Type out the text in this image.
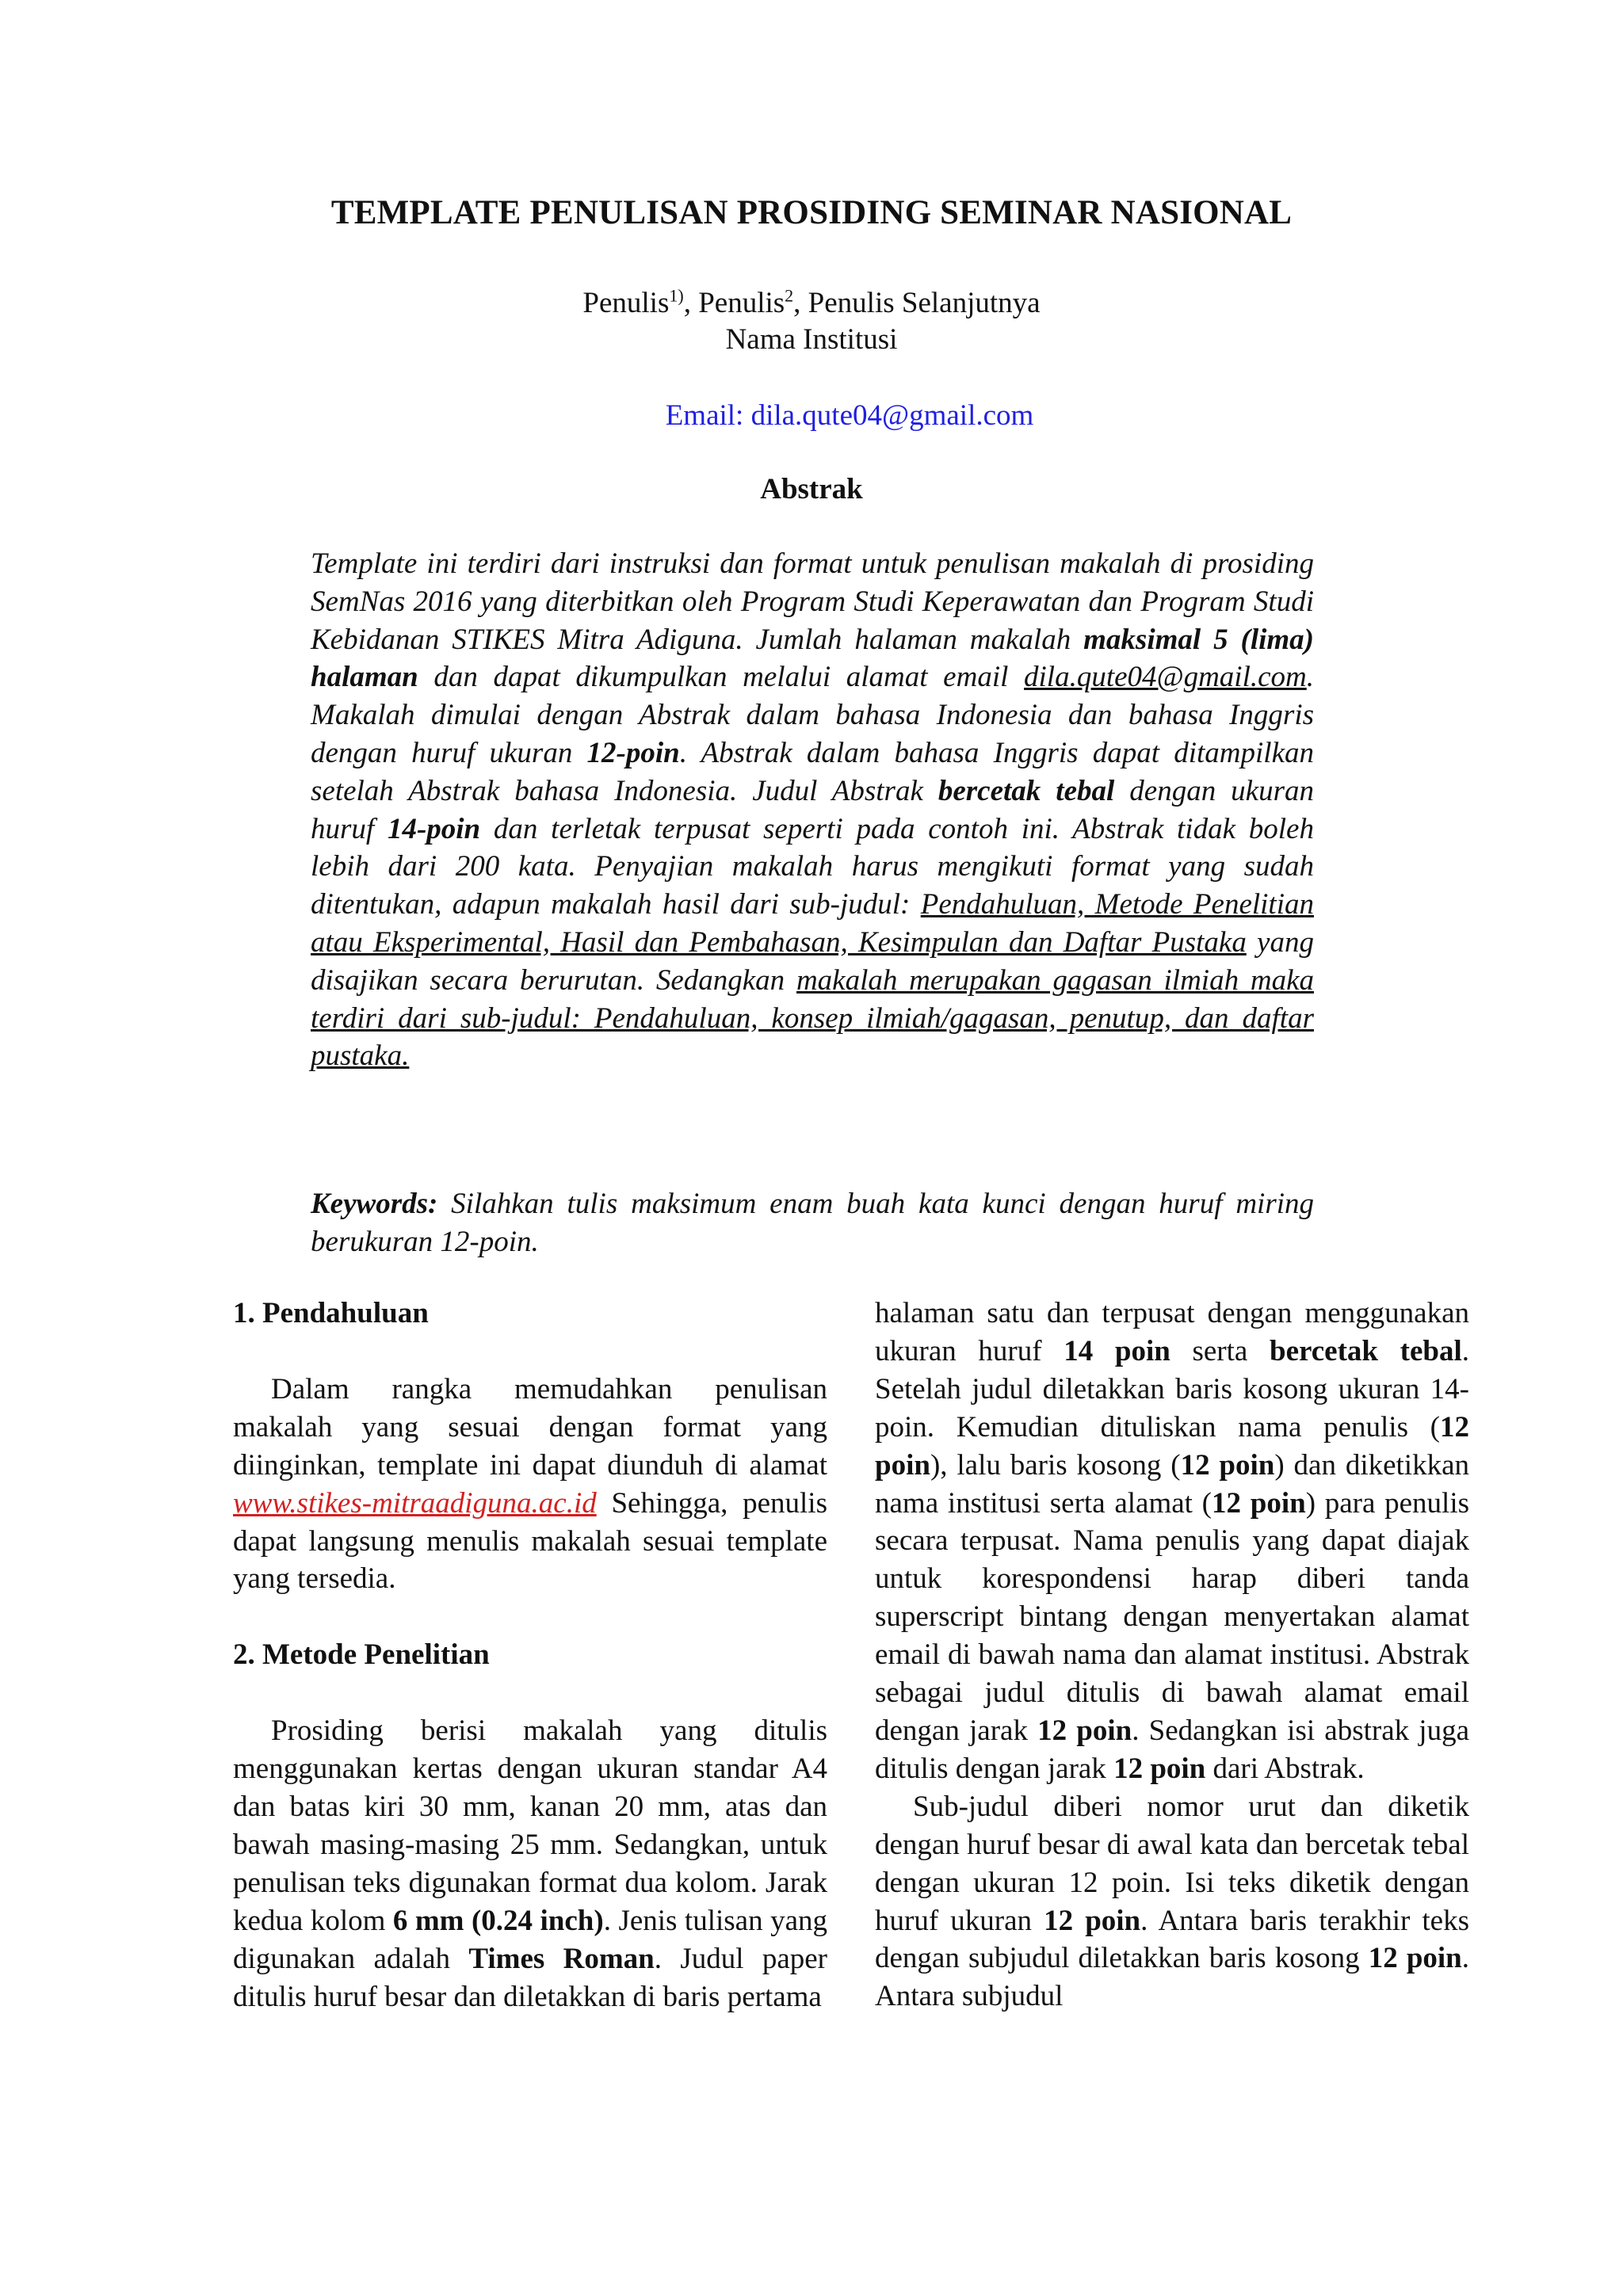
TEMPLATE PENULISAN PROSIDING SEMINAR NASIONAL
Penulis$^{1)}$, Penulis$^2$, Penulis Selanjutnya
Nama Institusi
Email: dila.qute04@gmail.com
Abstrak
Template ini terdiri dari instruksi dan format untuk penulisan makalah di prosiding SemNas 2016 yang diterbitkan oleh Program Studi Keperawatan dan Program Studi Kebidanan STIKES Mitra Adiguna. Jumlah halaman makalah maksimal 5 (lima) halaman dan dapat dikumpulkan melalui alamat email dila.qute04@gmail.com. Makalah dimulai dengan Abstrak dalam bahasa Indonesia dan bahasa Inggris dengan huruf ukuran 12-poin. Abstrak dalam bahasa Inggris dapat ditampilkan setelah Abstrak bahasa Indonesia. Judul Abstrak bercetak tebal dengan ukuran huruf 14-poin dan terletak terpusat seperti pada contoh ini. Abstrak tidak boleh lebih dari 200 kata. Penyajian makalah harus mengikuti format yang sudah ditentukan, adapun makalah hasil dari sub-judul: Pendahuluan, Metode Penelitian atau Eksperimental, Hasil dan Pembahasan, Kesimpulan dan Daftar Pustaka yang disajikan secara berurutan. Sedangkan makalah merupakan gagasan ilmiah maka terdiri dari sub-judul: Pendahuluan, konsep ilmiah/gagasan, penutup, dan daftar pustaka.
Keywords: Silahkan tulis maksimum enam buah kata kunci dengan huruf miring berukuran 12-poin.
1. Pendahuluan

Dalam rangka memudahkan penulisan makalah yang sesuai dengan format yang diinginkan, template ini dapat diunduh di alamat www.stikes-mitraadiguna.ac.id Sehingga, penulis dapat langsung menulis makalah sesuai template yang tersedia.

2. Metode Penelitian

Prosiding berisi makalah yang ditulis menggunakan kertas dengan ukuran standar A4 dan batas kiri 30 mm, kanan 20 mm, atas dan bawah masing-masing 25 mm. Sedangkan, untuk penulisan teks digunakan format dua kolom. Jarak kedua kolom 6 mm (0.24 inch). Jenis tulisan yang digunakan adalah Times Roman. Judul paper ditulis huruf besar dan diletakkan di baris pertama

halaman satu dan terpusat dengan menggunakan ukuran huruf 14 poin serta bercetak tebal. Setelah judul diletakkan baris kosong ukuran 14-poin. Kemudian dituliskan nama penulis (12 poin), lalu baris kosong (12 poin) dan diketikkan nama institusi serta alamat (12 poin) para penulis secara terpusat. Nama penulis yang dapat diajak untuk korespondensi harap diberi tanda superscript bintang dengan menyertakan alamat email di bawah nama dan alamat institusi. Abstrak sebagai judul ditulis di bawah alamat email dengan jarak 12 poin. Sedangkan isi abstrak juga ditulis dengan jarak 12 poin dari Abstrak.

Sub-judul diberi nomor urut dan diketik dengan huruf besar di awal kata dan bercetak tebal dengan ukuran 12 poin. Isi teks diketik dengan huruf ukuran 12 poin. Antara baris terakhir teks dengan subjudul diletakkan baris kosong 12 poin. Antara subjudul
